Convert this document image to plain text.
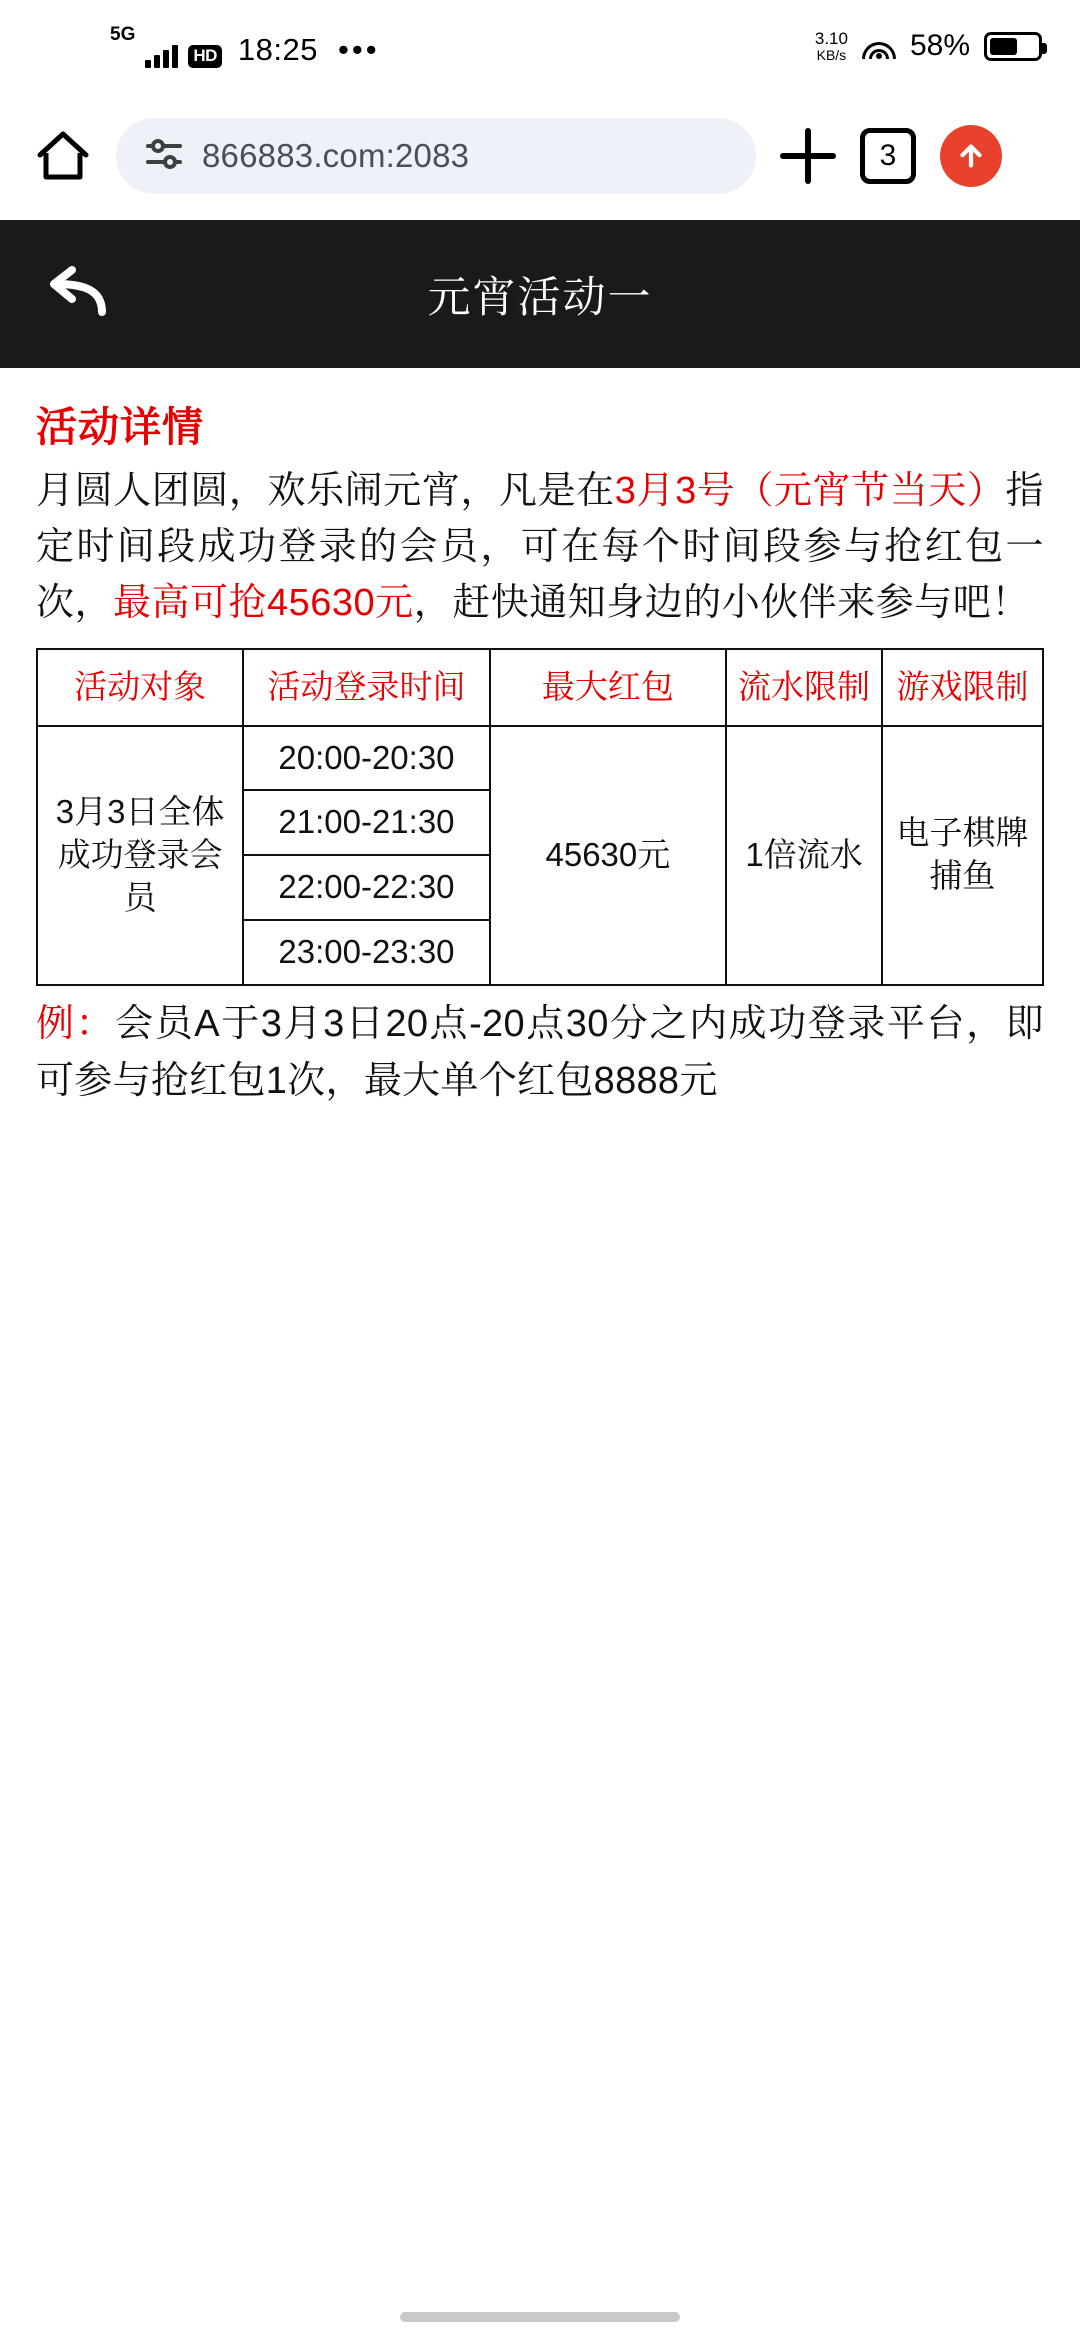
5G
HD 18:25 •••	3.10
KB/s 58%
866883.com:2083	3
元宵活动一
活动详情

月圆人团圆，欢乐闹元宵，凡是在3月3号（元宵节当天）指定时间段成功登录的会员，可在每个时间段参与抢红包一次，最高可抢45630元，赶快通知身边的小伙伴来参与吧！

活动对象	活动登录时间	最大红包	流水限制	游戏限制
3月3日全体成功登录会员	20:00-20:30	45630元	1倍流水	电子棋牌捕鱼
	21:00-21:30			
	22:00-22:30			
	23:00-23:30			

例：会员A于3月3日20点-20点30分之内成功登录平台，即可参与抢红包1次，最大单个红包8888元
